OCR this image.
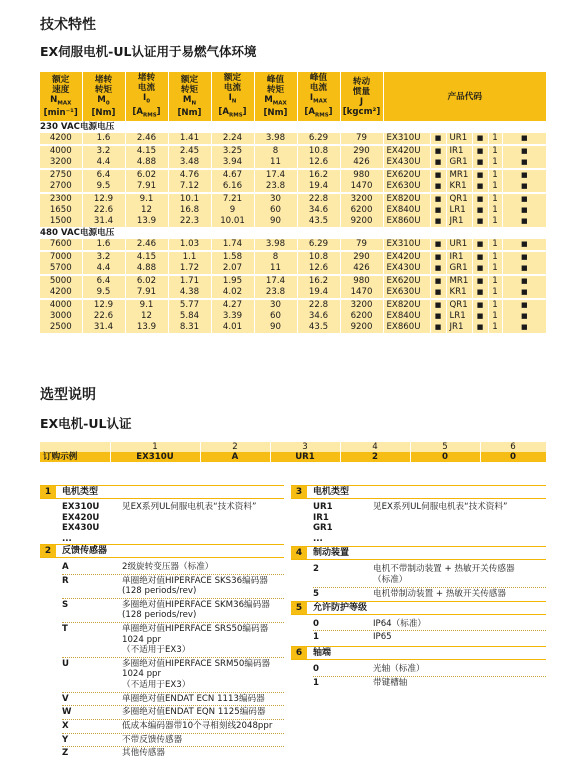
技术特性
EX伺服电机-UL认证用于易燃气体环境
额定
速度
$N_{MAX}$
[min⁻¹]	堵转
转矩
$M_0$
[Nm]	堵转
电流
$I_0$
$[A_{RMS}]$	额定
转矩
$M_N$
[Nm]	额定
电流
$I_N$
$[A_{RMS}]$	峰值
转矩
$M_{MAX}$
[Nm]	峰值
电流
$I_{MAX}$
$[A_{RMS}]$	转动
惯量
J
[kgcm²]	产品代码					
230 VAC电源电压													
4200	1.6	2.46	1.41	2.24	3.98	6.29	79	EX310U	■	UR1	■	1	■
4000	3.2	4.15	2.45	3.25	8	10.8	290	EX420U	■	IR1	■	1	■
3200	4.4	4.88	3.48	3.94	11	12.6	426	EX430U	■	GR1	■	1	■
2750	6.4	6.02	4.76	4.67	17.4	16.2	980	EX620U	■	MR1	■	1	■
2700	9.5	7.91	7.12	6.16	23.8	19.4	1470	EX630U	■	KR1	■	1	■
2300	12.9	9.1	10.1	7.21	30	22.8	3200	EX820U	■	QR1	■	1	■
1650	22.6	12	16.8	9	60	34.6	6200	EX840U	■	LR1	■	1	■
1500	31.4	13.9	22.3	10.01	90	43.5	9200	EX860U	■	JR1	■	1	■
480 VAC电源电压													
7600	1.6	2.46	1.03	1.74	3.98	6.29	79	EX310U	■	UR1	■	1	■
7000	3.2	4.15	1.1	1.58	8	10.8	290	EX420U	■	IR1	■	1	■
5700	4.4	4.88	1.72	2.07	11	12.6	426	EX430U	■	GR1	■	1	■
5000	6.4	6.02	1.71	1.95	17.4	16.2	980	EX620U	■	MR1	■	1	■
4200	9.5	7.91	4.38	4.02	23.8	19.4	1470	EX630U	■	KR1	■	1	■
4000	12.9	9.1	5.77	4.27	30	22.8	3200	EX820U	■	QR1	■	1	■
3000	22.6	12	5.84	3.39	60	34.6	6200	EX840U	■	LR1	■	1	■
2500	31.4	13.9	8.31	4.01	90	43.5	9200	EX860U	■	JR1	■	1	■
选型说明
EX电机-UL认证
	1	2	3	4	5	6
订购示例	EX310U	A	UR1	2	0	0
1	电机类型
EX310U
EX420U
EX430U
...
见EX系列UL伺服电机表“技术资料”
2	反馈传感器
A	2级旋转变压器（标准）
R	单圈绝对值HIPERFACE SKS36编码器
(128 periods/rev)
S	多圈绝对值HIPERFACE SKM36编码器
(128 periods/rev)
T	单圈绝对值HIPERFACE SRS50编码器
1024 ppr
（不适用于EX3）
U	多圈绝对值HIPERFACE SRM50编码器
1024 ppr
（不适用于EX3）
V	单圈绝对值ENDAT ECN 1113编码器
W	多圈绝对值ENDAT EQN 1125编码器
X	低成本编码器带10个寻相刻线2048ppr
Y	不带反馈传感器
Z	其他传感器
3	电机类型
UR1
IR1
GR1
...
见EX系列UL伺服电机表“技术资料”
4	制动装置
2	电机不带制动装置 + 热敏开关传感器
（标准）
5	电机带制动装置 + 热敏开关传感器
5	允许防护等级
0	IP64（标准）
1	IP65
6	轴端
0	光轴（标准）
1	带键槽轴
